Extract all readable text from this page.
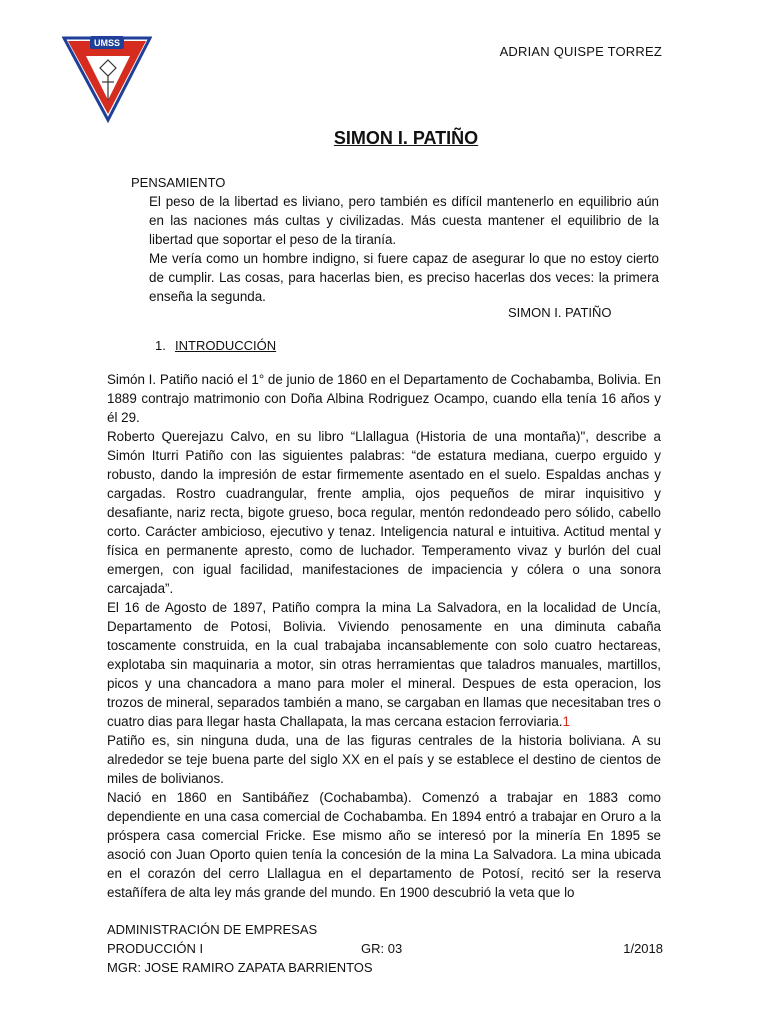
UMSS
ADRIAN QUISPE TORREZ
SIMON I. PATIÑO
PENSAMIENTO

El peso de la libertad es liviano, pero también es difícil mantenerlo en equilibrio aún en las naciones más cultas y civilizadas. Más cuesta mantener el equilibrio de la libertad que soportar el peso de la tiranía.

Me vería como un hombre indigno, si fuere capaz de asegurar lo que no estoy cierto de cumplir. Las cosas, para hacerlas bien, es preciso hacerlas dos veces: la primera enseña la segunda.

SIMON I. PATIÑO
1. INTRODUCCIÓN

Simón I. Patiño nació el 1° de junio de 1860 en el Departamento de Cochabamba, Bolivia. En 1889 contrajo matrimonio con Doña Albina Rodriguez Ocampo, cuando ella tenía 16 años y él 29.

Roberto Querejazu Calvo, en su libro “Llallagua (Historia de una montaña)", describe a Simón Iturri Patiño con las siguientes palabras: “de estatura mediana, cuerpo erguido y robusto, dando la impresión de estar firmemente asentado en el suelo. Espaldas anchas y cargadas. Rostro cuadrangular, frente amplia, ojos pequeños de mirar inquisitivo y desafiante, nariz recta, bigote grueso, boca regular, mentón redondeado pero sólido, cabello corto. Carácter ambicioso, ejecutivo y tenaz. Inteligencia natural e intuitiva. Actitud mental y física en permanente apresto, como de luchador. Temperamento vivaz y burlón del cual emergen, con igual facilidad, manifestaciones de impaciencia y cólera o una sonora carcajada”.

El 16 de Agosto de 1897, Patiño compra la mina La Salvadora, en la localidad de Uncía, Departamento de Potosi, Bolivia. Viviendo penosamente en una diminuta cabaña toscamente construida, en la cual trabajaba incansablemente con solo cuatro hectareas, explotaba sin maquinaria a motor, sin otras herramientas que taladros manuales, martillos, picos y una chancadora a mano para moler el mineral. Despues de esta operacion, los trozos de mineral, separados también a mano, se cargaban en llamas que necesitaban tres o cuatro dias para llegar hasta Challapata, la mas cercana estacion ferroviaria.1

Patiño es, sin ninguna duda, una de las figuras centrales de la historia boliviana. A su alrededor se teje buena parte del siglo XX en el país y se establece el destino de cientos de miles de bolivianos.

Nació en 1860 en Santibáñez (Cochabamba). Comenzó a trabajar en 1883 como dependiente en una casa comercial de Cochabamba. En 1894 entró a trabajar en Oruro a la próspera casa comercial Fricke. Ese mismo año se interesó por la minería En 1895 se asoció con Juan Oporto quien tenía la concesión de la mina La Salvadora. La mina ubicada en el corazón del cerro Llallagua en el departamento de Potosí, recitó ser la reserva estañífera de alta ley más grande del mundo. En 1900 descubrió la veta que lo

ADMINISTRACIÓN DE EMPRESAS
PRODUCCIÓN I	GR: 03	1/2018
MGR: JOSE RAMIRO ZAPATA BARRIENTOS
